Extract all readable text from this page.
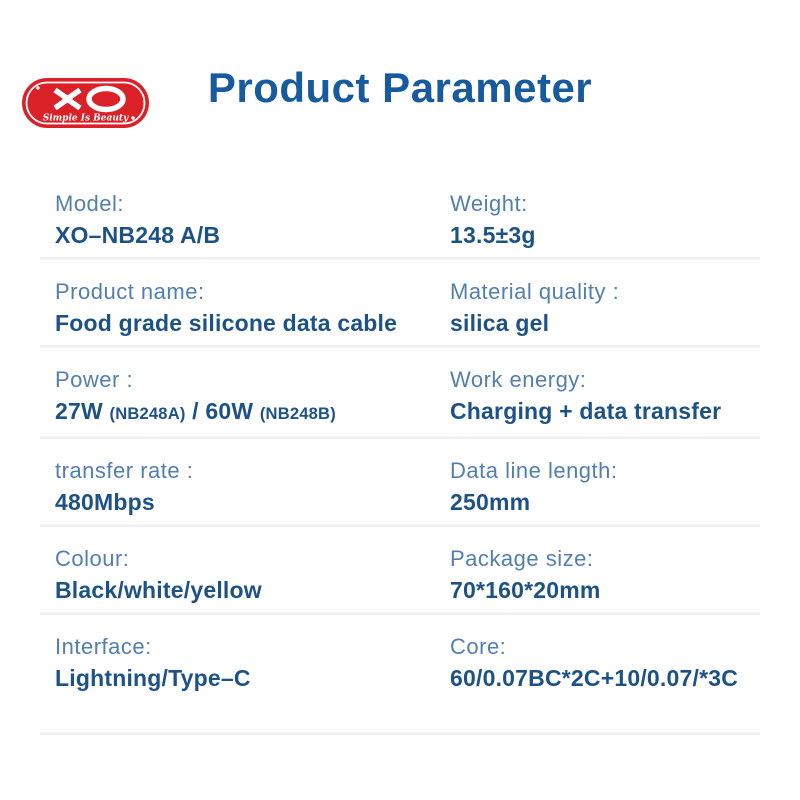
Simple Is Beauty
Product Parameter
Model:
XO–NB248 A/B
Weight:
13.5±3g
Product name:
Food grade silicone data cable
Material quality :
silica gel
Power :
27W (NB248A) / 60W (NB248B)
Work energy:
Charging + data transfer
transfer rate :
480Mbps
Data line length:
250mm
Colour:
Black/white/yellow
Package size:
70*160*20mm
Interface:
Lightning/Type–C
Core:
60/0.07BC*2C+10/0.07/*3C
